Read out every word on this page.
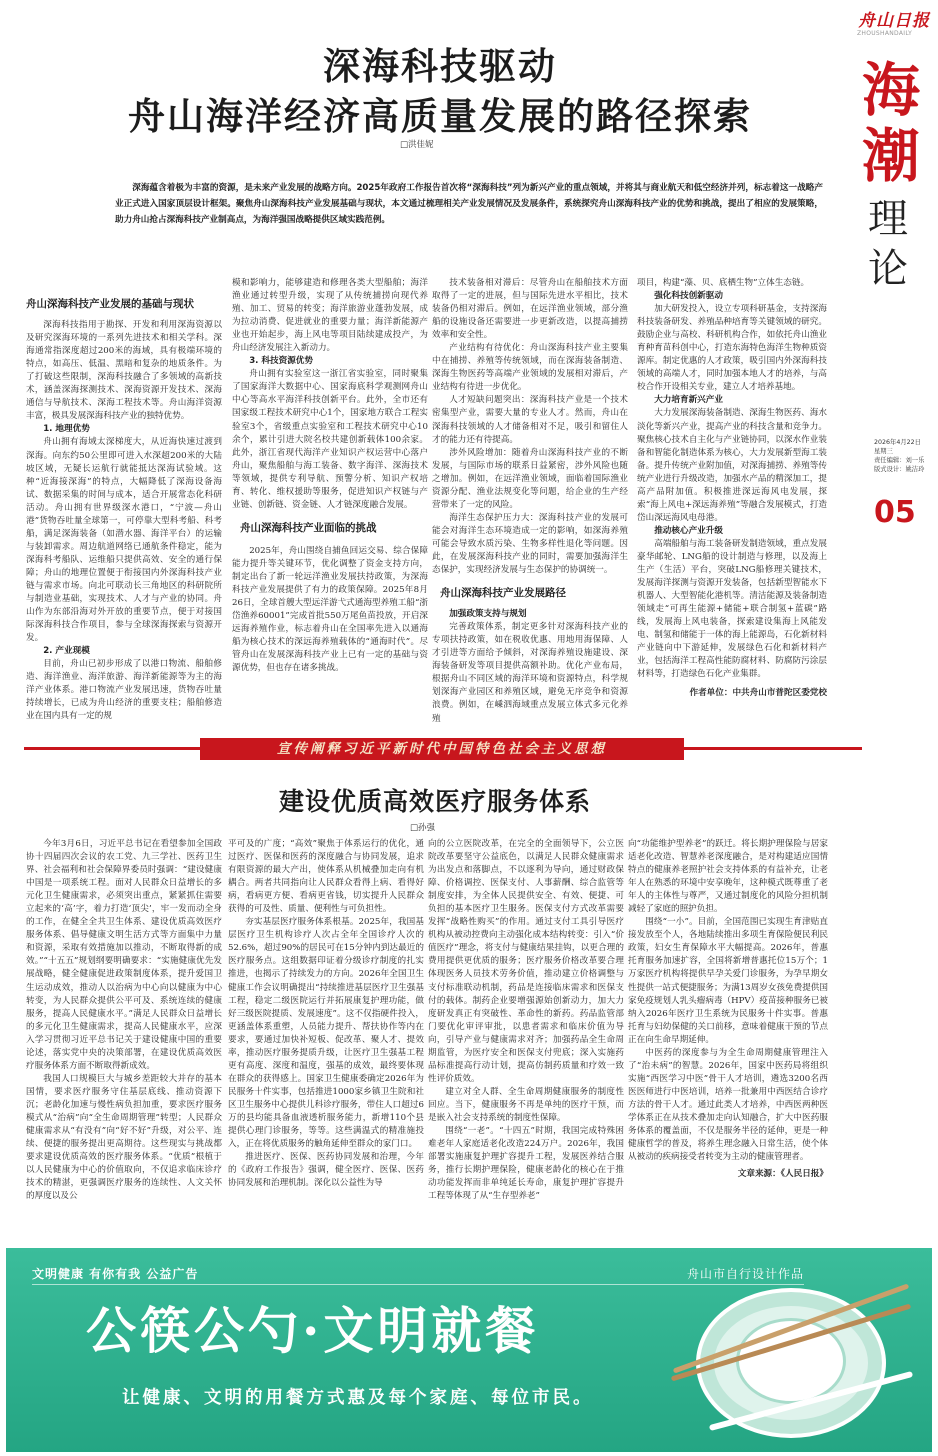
舟山日报
ZHOUSHANDAILY
海
潮
理
论
2026年4月22日
星期三
责任编辑：刘一乐
版式设计：姚洁玲
05
深海科技驱动
舟山海洋经济高质量发展的路径探索
□洪佳妮
深海蕴含着极为丰富的资源，是未来产业发展的战略方向。2025年政府工作报告首次将“深海科技”列为新兴产业的重点领域，并将其与商业航天和低空经济并列，标志着这一战略产业正式进入国家顶层设计框架。聚焦舟山深海科技产业发展基础与现状，本文通过梳理相关产业发展情况及发展条件，系统探究舟山深海科技产业的优势和挑战，提出了相应的发展策略，助力舟山抢占深海科技产业制高点，为海洋强国战略提供区域实践范例。
舟山深海科技产业发展的基础与现状

深海科技指用于勘探、开发和利用深海资源以及研究深海环境的一系列先进技术和相关学科。深海通常指深度超过200米的海域，具有极端环境的特点，如高压、低温、黑暗和复杂的地质条件。为了打破这些限制，深海科技融合了多领域的高新技术，涵盖深海探测技术、深海资源开发技术、深海通信与导航技术、深海工程技术等。舟山海洋资源丰富，极具发展深海科技产业的独特优势。

1. 地理优势

舟山拥有海域太深梯度大，从近海快速过渡到深海。向东约50公里即可进入水深超200米的大陆坡区域，无疑长运航行就能抵达深海试验域。这种“近海接深海”的特点，大幅降低了深海设备海试、数据采集的时间与成本，适合开展常态化科研活动。舟山拥有世界级深水港口，“宁波—舟山港”货物吞吐量全球第一，可停靠大型科考船、科考船，满足深海装备（如潜水器、海洋平台）的运输与装卸需求。周边航道网络已通航条件稳定，能为深海科考船队、运维船只提供高效、安全的通行保障；舟山的地理位置便于衔接国内外深海科技产业链与需求市场。向北可联动长三角地区的科研院所与制造业基础，实现技术、人才与产业的协同。舟山作为东部沿海对外开放的重要节点，便于对接国际深海科技合作项目，参与全球深海探索与资源开发。

2. 产业现模

目前，舟山已初步形成了以港口物流、船舶修造、海洋渔业、海洋旅游、海洋新能源等为主的海洋产业体系。港口物流产业发展迅速，货物吞吐量持续增长，已成为舟山经济的重要支柱；船舶修造业在国内具有一定的规

模和影响力，能够建造和修理各类大型船舶；海洋渔业通过转型升级，实现了从传统捕捞向现代养殖、加工、贸易的转变；海洋旅游业蓬勃发展，成为拉动消费、促进就业的重要力量；海洋新能源产业也开始起步，海上风电等项目陆续建成投产，为舟山经济发展注入新动力。

3. 科技资源优势

舟山拥有实验室这一浙江省实验室，同时聚集了国家海洋大数据中心、国家海底科学观测网舟山中心等高水平海洋科技创新平台。此外，全市还有国家级工程技术研究中心1个，国家地方联合工程实验室3个，省级重点实验室和工程技术研究中心10余个，累计引进大院名校共建创新载体100余家。此外，浙江省现代海洋产业知识产权运营中心落户舟山，聚焦船舶与海工装备、数字海洋、深海技术等领域，提供专利导航、预警分析、知识产权培育、转化、维权援助等服务，促进知识产权链与产业链、创新链、资金链、人才链深度融合发展。

舟山深海科技产业面临的挑战

2025年，舟山围绕自捕鱼回运交易、综合保障能力提升等关键环节，优化调整了资金支持方向，制定出台了新一轮远洋渔业发展扶持政策，为深海科技产业发展提供了有力的政策保障。2025年8月26日，全球首艘大型远洋游弋式通海型养殖工船“浙岱渔养60001”完成首批550万尾鱼苗投放，开启深远海养殖作业，标志着舟山在全国率先进入以通海船为核心技术的深远海养殖载体的“通海时代”。尽管舟山在发展深海科技产业上已有一定的基础与资源优势，但也存在诸多挑战。

技术装备相对滞后：尽管舟山在船舶技术方面取得了一定的进展，但与国际先进水平相比，技术装备仍相对滞后。例如，在远洋渔业领域，部分渔船的设施设备还需要进一步更新改造，以提高捕捞效率和安全性。

产业结构有待优化：舟山深海科技产业主要集中在捕捞、养殖等传统领域，而在深海装备制造、深海生物医药等高端产业领域的发展相对滞后，产业结构有待进一步优化。

人才短缺问题突出：深海科技产业是一个技术密集型产业，需要大量的专业人才。然而，舟山在深海科技领域的人才储备相对不足，吸引和留住人才的能力还有待提高。

涉外风险增加：随着舟山深海科技产业的不断发展，与国际市场的联系日益紧密，涉外风险也随之增加。例如，在远洋渔业领域，面临着国际渔业资源分配、渔业法规变化等问题，给企业的生产经营带来了一定的风险。

海洋生态保护压力大：深海科技产业的发展可能会对海洋生态环境造成一定的影响，如深海养殖可能会导致水质污染、生物多样性退化等问题。因此，在发展深海科技产业的同时，需要加强海洋生态保护，实现经济发展与生态保护的协调统一。

舟山深海科技产业发展路径

加强政策支持与规划

完善政策体系，制定更多针对深海科技产业的专项扶持政策，如在税收优惠、用地用海保障、人才引进等方面给予倾斜，对深海养殖设施建设、深海装备研发等项目提供高额补助。优化产业布局，根据舟山不同区域的海洋环境和资源特点，科学规划深海产业园区和养殖区域，避免无序竞争和资源浪费。例如，在嵊泗海域重点发展立体式多元化养殖

项目，构建“藻、贝、底栖生物”立体生态链。

强化科技创新驱动

加大研发投入，设立专项科研基金，支持深海科技装备研发、养殖品种培育等关键领域的研究。鼓励企业与高校、科研机构合作，如依托舟山渔业育种育苗科创中心，打造东海特色海洋生物种质资源库。制定优惠的人才政策，吸引国内外深海科技领域的高端人才，同时加强本地人才的培养，与高校合作开设相关专业，建立人才培养基地。

大力培育新兴产业

大力发展深海装备制造、深海生物医药、海水淡化等新兴产业，提高产业的科技含量和竞争力。聚焦核心技术自主化与产业链协同，以深水作业装备和智能化制造体系为核心，大力发展新型海工装备。提升传统产业附加值，对深海捕捞、养殖等传统产业进行升级改造，加强水产品的精深加工，提高产品附加值。积极推进深远海风电发展，探索“海上风电+深远海养殖”等融合发展模式，打造岱山深远海风电母港。

推动核心产业升级

高端船舶与海工装备研发制造领域，重点发展豪华邮轮、LNG船的设计制造与修理，以及海上生产（生活）平台，突破LNG船修理关键技术，发展海洋探测与资源开发装备，包括新型智能水下机器人、大型智能化港机等。清洁能源及装备制造领域走“可再生能源+储能+联合制氢+蓝碳”路线，发展海上风电装备，探索建设集海上风能发电、制氢和储能于一体的海上能源岛，石化新材料产业链向中下游延伸，发展绿色石化和新材料产业，包括海洋工程高性能防腐材料、防腐防污涂层材料等，打造绿色石化产业集群。

作者单位：中共舟山市普陀区委党校

宣传阐释习近平新时代中国特色社会主义思想
建设优质高效医疗服务体系
□孙强

今年3月6日，习近平总书记在看望参加全国政协十四届四次会议的农工党、九三学社、医药卫生界、社会福利和社会保障界委员时强调：“建设健康中国是一项系统工程。面对人民群众日益增长的多元化卫生健康需求，必须突出重点，紧紧抓住需要立起来的‘高’字，着力打造‘顶尖’，牢一发而动全身的工作，在健全全共卫生体系、建设优质高效医疗服务体系、倡导健康文明生活方式等方面集中力量和资源，采取有效措施加以推动，不断取得新的成效。”“十五五”规划纲要明确要求：“实施健康优先发展战略，健全健康促进政策制度体系，提升爱国卫生运动成效，推动人以治病为中心向以健康为中心转变，为人民群众提供公平可及、系统连续的健康服务，提高人民健康水平。”满足人民群众日益增长的多元化卫生健康需求，提高人民健康水平，应深入学习贯彻习近平总书记关于建设健康中国的重要论述，落实党中央的决策部署，在建设优质高效医疗服务体系方面不断取得新成效。

我国人口规模巨大与城乡差距较大并存的基本国情，要求医疗服务守住基层底线、推动资源下沉；老龄化加速与慢性病负担加重，要求医疗服务模式从“治病”向“全生命周期管理”转型；人民群众健康需求从“有没有”向“好不好”升级，对公平、连续、便捷的服务提出更高期待。这些现实与挑战都要求建设优质高效的医疗服务体系。“优质”根植于以人民健康为中心的价值取向，不仅追求临床诊疗技术的精湛，更强调医疗服务的连续性、人文关怀的厚度以及公

平可及的广度；“高效”聚焦于体系运行的优化，通过医疗、医保和医药的深度融合与协同发展，追求有限资源的最大产出，使体系从机械叠加走向有机耦合。两者共同指向让人民群众看得上病、看得好病，看病更方便、看病更省钱，切实提升人民群众获得的可及性、质量、便利性与可负担性。

夯实基层医疗服务体系根基。2025年，我国基层医疗卫生机构诊疗人次占全年全国诊疗人次的52.6%，超过90%的居民可在15分钟内到达最近的医疗服务点。这组数据印证着分级诊疗制度的扎实推进，也揭示了持续发力的方向。2026年全国卫生健康工作会议明确提出“持续推进基层医疗卫生强基工程，稳定二级医院运行并拓展康复护理功能，做好三级医院提质、发展速度”。这不仅指硬件投入，更涵盖体系重塑，人员能力提升、帮扶协作等内在要求，要通过加快补短板、促改革、聚人才、提效率，推动医疗服务提质升级，让医疗卫生强基工程更有高度、深度和温度，强基的成效，最终要体现在群众的获得感上。国家卫生健康委确定2026年为民服务十件实事，包括推进1000家乡镇卫生院和社区卫生服务中心提供儿科诊疗服务，带住人口超过6万的县均能具备血液透析服务能力，新增110个县提供心理门诊服务，等等。这些满温式的精准施投入，正在将优质服务的触角延伸至群众的家门口。

推进医疗、医保、医药协同发展和治理，今年的《政府工作报告》强调，健全医疗、医保、医药协同发展和治理机制。深化以公益性为导

向的公立医院改革，在完全的全面领导下，公立医院改革要坚守公益底色，以满足人民群众健康需求为出发点和落脚点，不以逐利为导向，通过财政保障、价格调控、医保支付、人事薪酬、综合监管等制度安排，为全体人民提供安全、有效、便捷、可负担的基本医疗卫生服务。医保支付方式改革需要发挥“战略性购买”的作用。通过支付工具引导医疗机构从被动控费向主动强化成本结构转变：引入“价值医疗”理念，将支付与健康结果挂钩，以更合理的费用提供更优质的服务；医疗服务价格改革要合理体现医务人员技术劳务价值，推动建立价格调整与支付标准联动机制，药品是连接临床需求和医保支付的载体。制药企业要增强源始创新动力，加大力度研发真正有突破性、革命性的新药。药品监管部门要优化审评审批，以患者需求和临床价值为导向，引导产业与健康需求对齐；加强药品全生命周期监管，为医疗安全和医保支付兜底；深入实施药品标准提高行动计划，提高仿制药质量和疗效一致性评价质效。

建立对全人群、全生命周期健康服务的制度性回应。当下，健康服务不再是单纯的医疗干预，而是嵌入社会支持系统的制度性保障。

围绕“一老”。“十四五”时期，我国完成特殊困难老年人家庭适老化改造224万户。2026年，我国部署实施康复护理扩容提升工程，发展医养结合服务，推行长期护理保险，健康老龄化的核心在于推动功能发挥而非单纯延长寿命，康复护理扩容提升工程等体现了从“生存型养老”

向“功能维护型养老”的跃迁。将长期护理保险与居家适老化改造、智慧养老深度融合，是对构建适应国情特点的健康养老照护社会支持体系的有益补充，让老年人在熟悉的环境中安享晚年，这种模式既尊重了老年人的主体性与尊严，又通过制度化的风险分担机制减轻了家庭的照护负担。

围绕“一小”。目前，全国范围已实现生育津贴直接发放至个人，各地陆续推出多项生育保险便民利民政策，妇女生育保障水平大幅提高。2026年，普惠托育服务加速扩容，全国将新增普惠托位15万个；1万家医疗机构将提供早孕关爱门诊服务，为孕早期女性提供一站式便捷服务；为满13周岁女孩免费提供国家免疫规划人乳头瘤病毒（HPV）疫苗接种服务已被纳入2026年医疗卫生系统为民服务十件实事。普惠托育与妇幼保健的关口前移，意味着健康干预的节点正在向生命早期延伸。

中医药的深度参与为全生命周期健康管理注入了“治未病”的智慧。2026年，国家中医药局将组织实施“西医学习中医”骨干人才培训，遴选3200名西医医师进行中医培训，培养一批兼用中西医结合诊疗方法的骨干人才。通过此类人才培养，中西医两种医学体系正在从技术叠加走向认知融合，扩大中医药服务体系的覆盖面，不仅是服务半径的延伸，更是一种健康哲学的普及，将养生理念融入日常生活，使个体从被动的疾病接受者转变为主动的健康管理者。

文章来源：《人民日报》

文明健康 有你有我 公益广告	舟山市自行设计作品
公筷公勺·文明就餐
让健康、文明的用餐方式惠及每个家庭、每位市民。
